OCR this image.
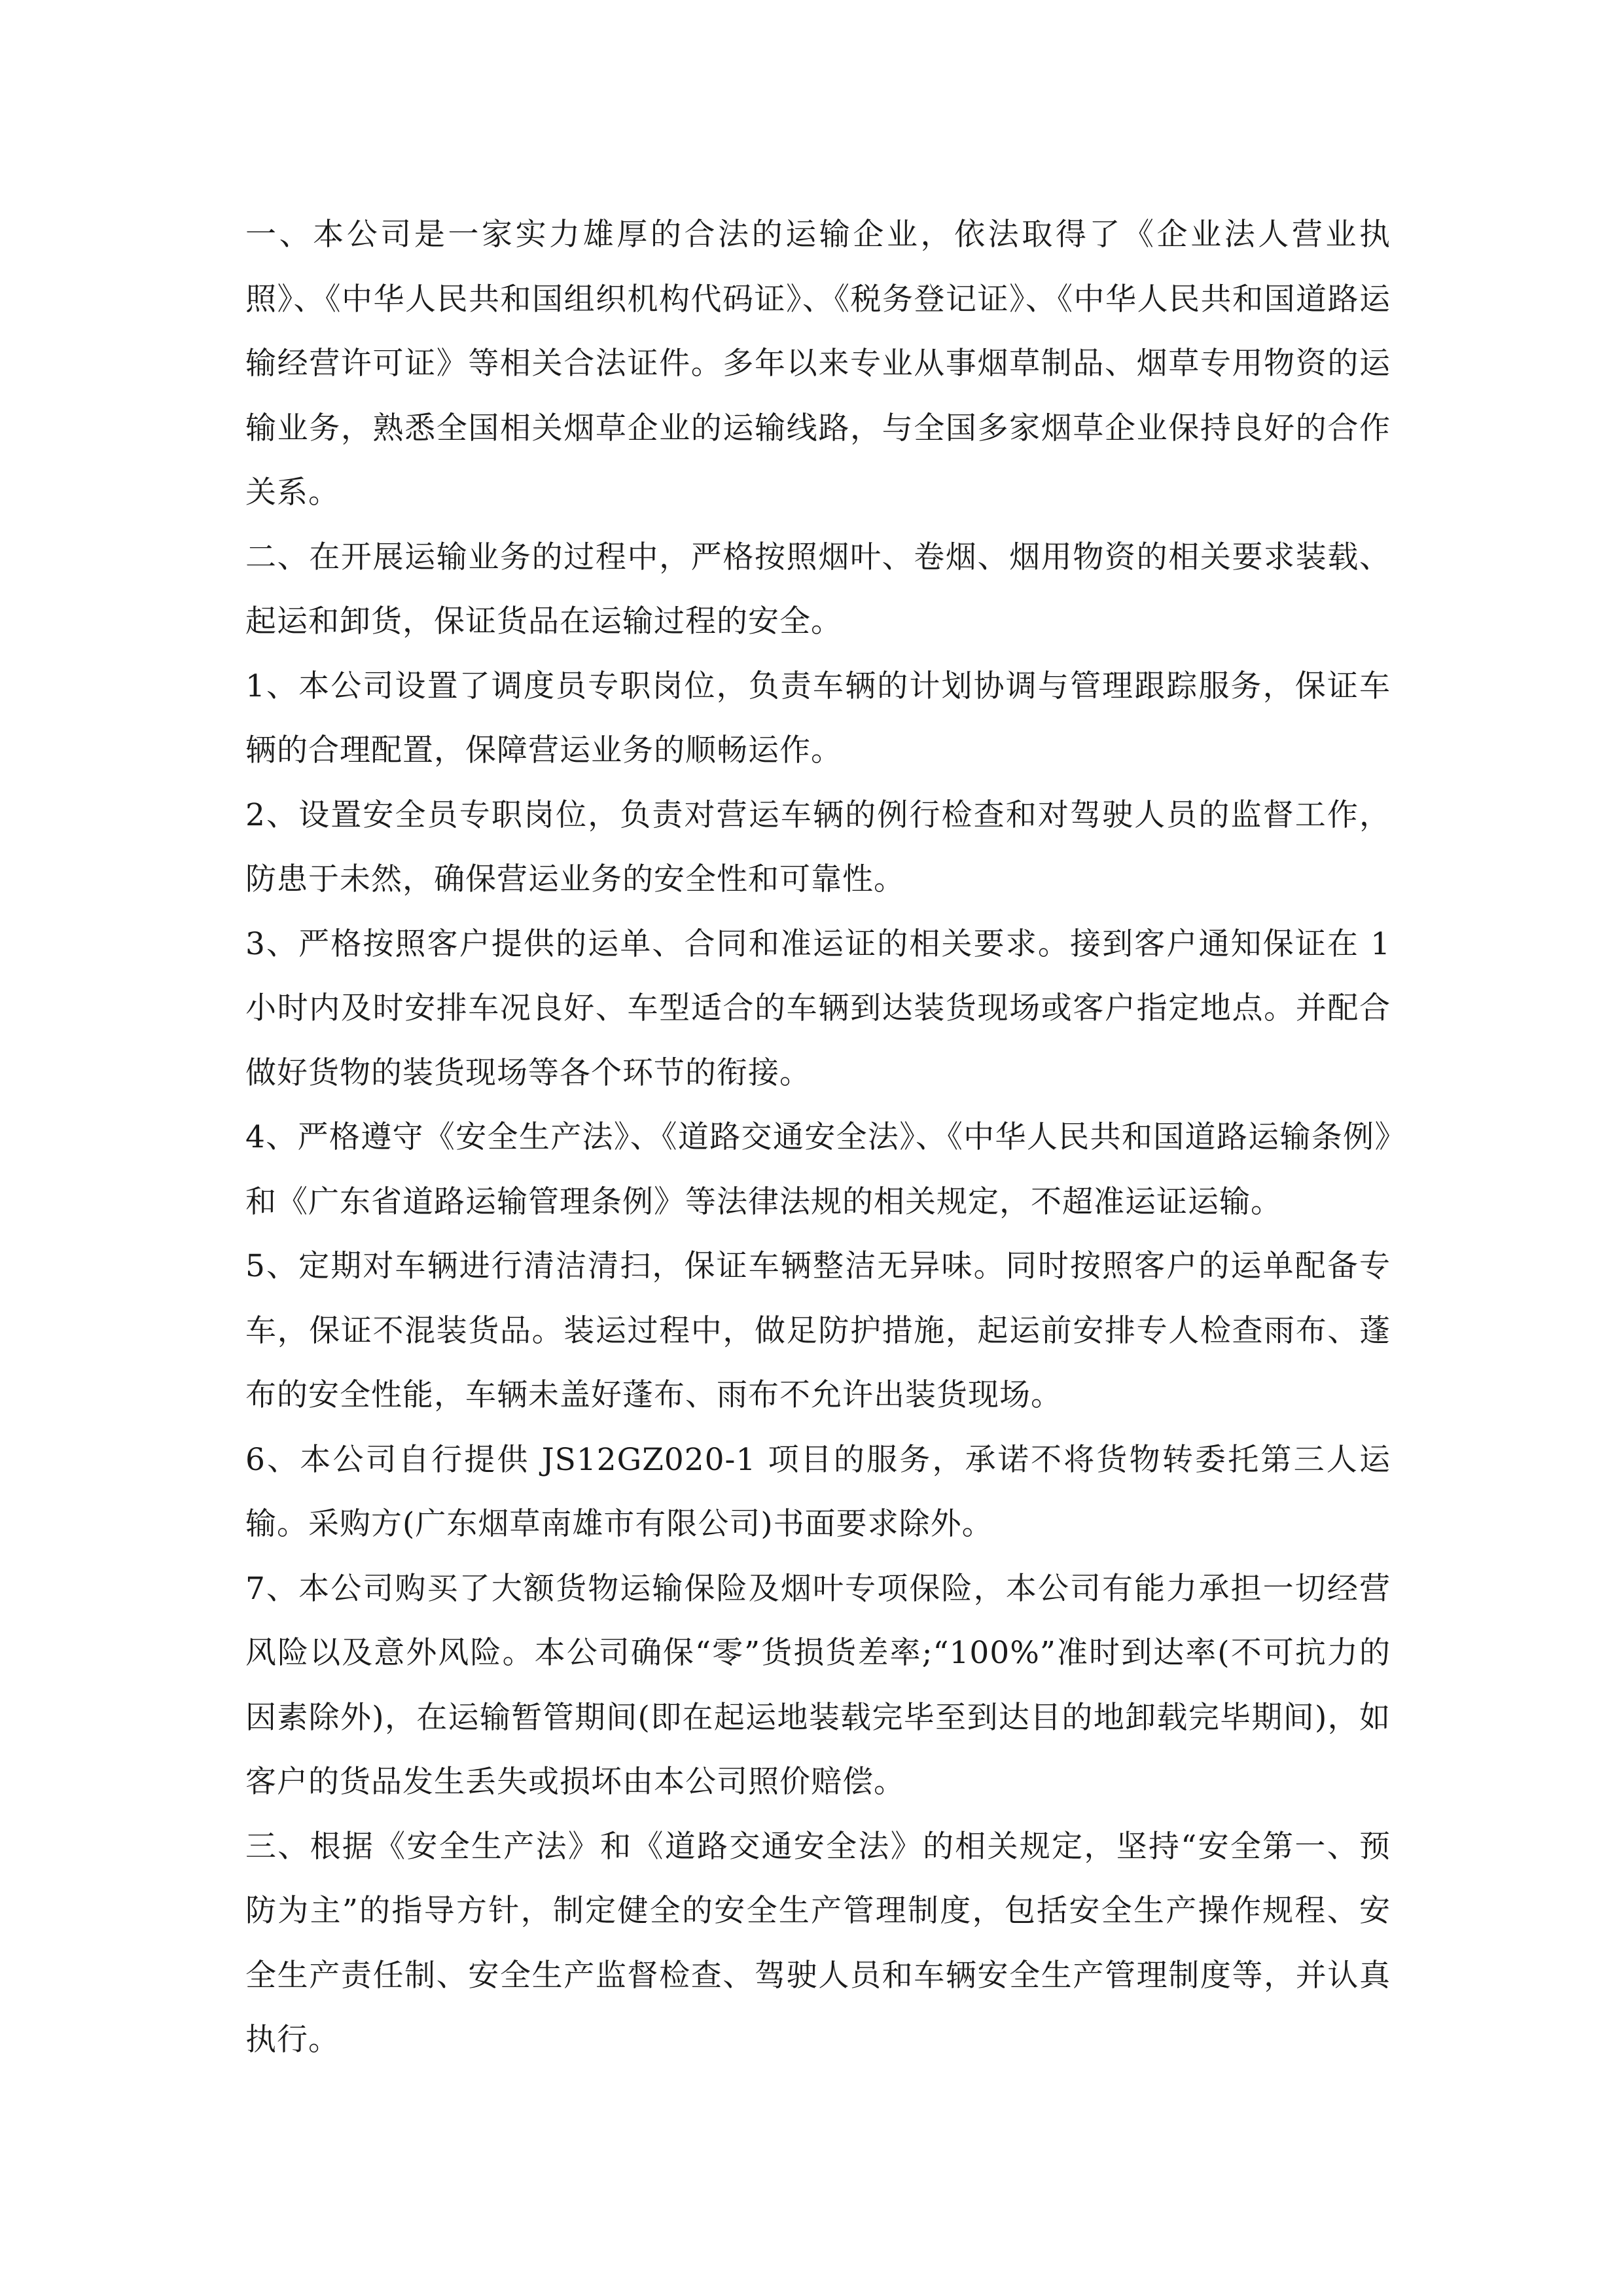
一、本公司是一家实力雄厚的合法的运输企业，依法取得了《企业法人营业执照》、《中华人民共和国组织机构代码证》、《税务登记证》、《中华人民共和国道路运输经营许可证》等相关合法证件。多年以来专业从事烟草制品、烟草专用物资的运输业务，熟悉全国相关烟草企业的运输线路，与全国多家烟草企业保持良好的合作关系。

二、在开展运输业务的过程中，严格按照烟叶、卷烟、烟用物资的相关要求装载、起运和卸货，保证货品在运输过程的安全。

1、本公司设置了调度员专职岗位，负责车辆的计划协调与管理跟踪服务，保证车辆的合理配置，保障营运业务的顺畅运作。

2、设置安全员专职岗位，负责对营运车辆的例行检查和对驾驶人员的监督工作，防患于未然，确保营运业务的安全性和可靠性。

3、严格按照客户提供的运单、合同和准运证的相关要求。接到客户通知保证在 1 小时内及时安排车况良好、车型适合的车辆到达装货现场或客户指定地点。并配合做好货物的装货现场等各个环节的衔接。

4、严格遵守《安全生产法》、《道路交通安全法》、《中华人民共和国道路运输条例》和《广东省道路运输管理条例》等法律法规的相关规定，不超准运证运输。

5、定期对车辆进行清洁清扫，保证车辆整洁无异味。同时按照客户的运单配备专车，保证不混装货品。装运过程中，做足防护措施，起运前安排专人检查雨布、蓬布的安全性能，车辆未盖好蓬布、雨布不允许出装货现场。

6、本公司自行提供 JS12GZ020-1 项目的服务，承诺不将货物转委托第三人运输。采购方(广东烟草南雄市有限公司)书面要求除外。

7、本公司购买了大额货物运输保险及烟叶专项保险，本公司有能力承担一切经营风险以及意外风险。本公司确保“零”货损货差率;“100%”准时到达率(不可抗力的因素除外)，在运输暂管期间(即在起运地装载完毕至到达目的地卸载完毕期间)，如客户的货品发生丢失或损坏由本公司照价赔偿。

三、根据《安全生产法》和《道路交通安全法》的相关规定，坚持“安全第一、预防为主”的指导方针，制定健全的安全生产管理制度，包括安全生产操作规程、安全生产责任制、安全生产监督检查、驾驶人员和车辆安全生产管理制度等，并认真执行。
